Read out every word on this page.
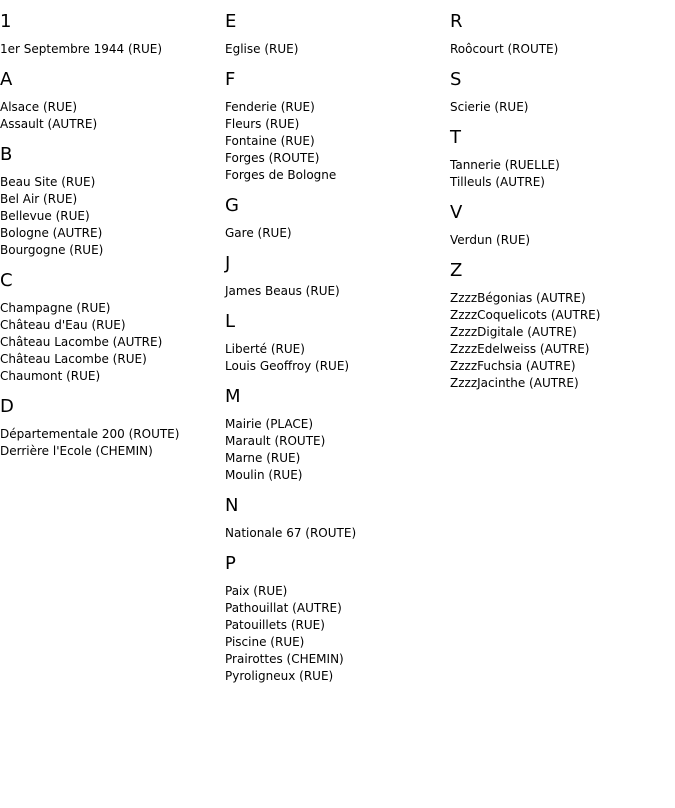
1
1er Septembre 1944 (RUE)
A
Alsace (RUE)
Assault (AUTRE)
B
Beau Site (RUE)
Bel Air (RUE)
Bellevue (RUE)
Bologne (AUTRE)
Bourgogne (RUE)
C
Champagne (RUE)
Château d'Eau (RUE)
Château Lacombe (AUTRE)
Château Lacombe (RUE)
Chaumont (RUE)
D
Départementale 200 (ROUTE)
Derrière l'Ecole (CHEMIN)
E
Eglise (RUE)
F
Fenderie (RUE)
Fleurs (RUE)
Fontaine (RUE)
Forges (ROUTE)
Forges de Bologne
G
Gare (RUE)
J
James Beaus (RUE)
L
Liberté (RUE)
Louis Geoffroy (RUE)
M
Mairie (PLACE)
Marault (ROUTE)
Marne (RUE)
Moulin (RUE)
N
Nationale 67 (ROUTE)
P
Paix (RUE)
Pathouillat (AUTRE)
Patouillets (RUE)
Piscine (RUE)
Prairottes (CHEMIN)
Pyroligneux (RUE)
R
Roôcourt (ROUTE)
S
Scierie (RUE)
T
Tannerie (RUELLE)
Tilleuls (AUTRE)
V
Verdun (RUE)
Z
ZzzzBégonias (AUTRE)
ZzzzCoquelicots (AUTRE)
ZzzzDigitale (AUTRE)
ZzzzEdelweiss (AUTRE)
ZzzzFuchsia (AUTRE)
ZzzzJacinthe (AUTRE)
